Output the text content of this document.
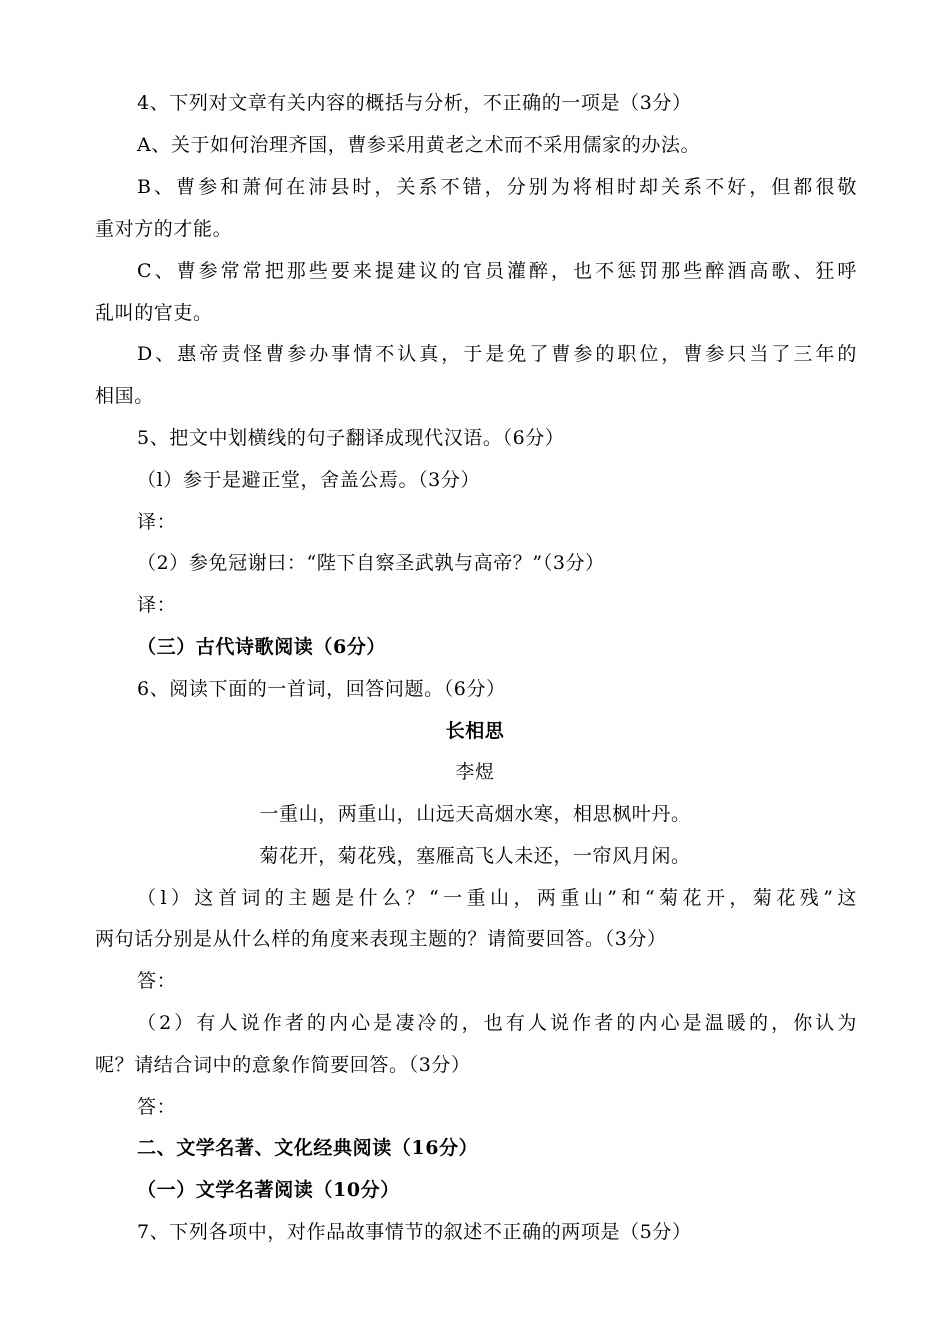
4、下列对文章有关内容的概括与分析，不正确的一项是（3分）
A、关于如何治理齐国，曹参采用黄老之术而不采用儒家的办法。
B、曹参和萧何在沛县时，关系不错，分别为将相时却关系不好，但都很敬
重对方的才能。
C、曹参常常把那些要来提建议的官员灌醉，也不惩罚那些醉酒高歌、狂呼
乱叫的官吏。
D、惠帝责怪曹参办事情不认真，于是免了曹参的职位，曹参只当了三年的
相国。
5、把文中划横线的句子翻译成现代汉语。（6分）
（l）参于是避正堂，舍盖公焉。（3分）
译：
（2）参免冠谢曰：“陛下自察圣武孰与高帝？”（3分）
译：
（三）古代诗歌阅读（6分）
6、阅读下面的一首词，回答问题。（6分）
长相思
李煜
一重山，两重山，山远天高烟水寒，相思枫叶丹。
菊花开，菊花残，塞雁高飞人未还，一帘风月闲。
（l）这首词的主题是什么？“一重山，两重山”和“菊花开，菊花残”这
两句话分别是从什么样的角度来表现主题的？请简要回答。（3分）
答：
（2）有人说作者的内心是凄冷的，也有人说作者的内心是温暖的，你认为
呢？请结合词中的意象作简要回答。（3分）
答：
二、文学名著、文化经典阅读（16分）
（一）文学名著阅读（10分）
7、下列各项中，对作品故事情节的叙述不正确的两项是（5分）
